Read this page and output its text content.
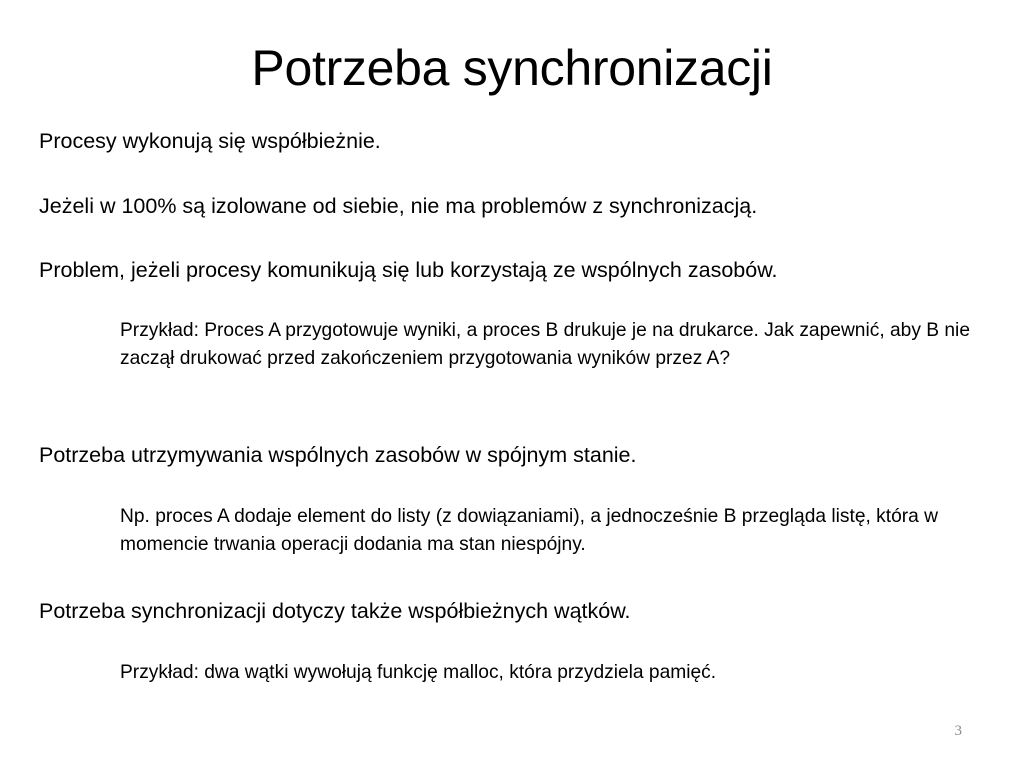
Potrzeba synchronizacji
Procesy wykonują się współbieżnie.
Jeżeli w 100% są izolowane od siebie, nie ma problemów z synchronizacją.
Problem, jeżeli procesy komunikują się lub korzystają ze wspólnych zasobów.
Przykład: Proces A przygotowuje wyniki, a proces B drukuje je na drukarce. Jak zapewnić, aby B nie zaczął drukować przed zakończeniem przygotowania wyników przez A?
Potrzeba utrzymywania wspólnych zasobów w spójnym stanie.
Np. proces A dodaje element do listy (z dowiązaniami), a jednocześnie B przegląda listę, która w momencie trwania operacji dodania ma stan niespójny.
Potrzeba synchronizacji dotyczy także współbieżnych wątków.
Przykład: dwa wątki wywołują funkcję malloc, która przydziela pamięć.
3
